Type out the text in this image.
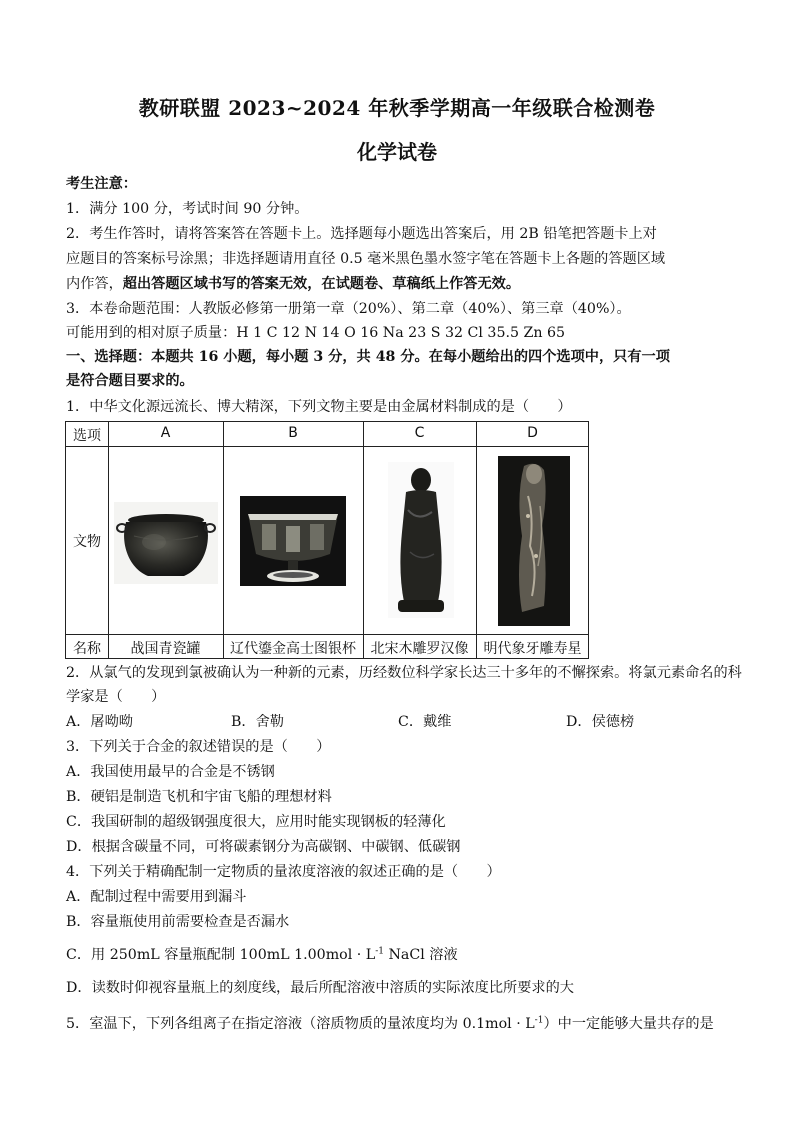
教研联盟 2023~2024 年秋季学期高一年级联合检测卷
化学试卷
考生注意：
1．满分 100 分，考试时间 90 分钟。
2．考生作答时，请将答案答在答题卡上。选择题每小题选出答案后，用 2B 铅笔把答题卡上对
应题目的答案标号涂黑；非选择题请用直径 0.5 毫米黑色墨水签字笔在答题卡上各题的答题区域
内作答，超出答题区域书写的答案无效，在试题卷、草稿纸上作答无效。
3．本卷命题范围：人教版必修第一册第一章（20%）、第二章（40%）、第三章（40%）。
可能用到的相对原子质量：H 1 C 12 N 14 O 16 Na 23 S 32 Cl 35.5 Zn 65
一、选择题：本题共 16 小题，每小题 3 分，共 48 分。在每小题给出的四个选项中，只有一项
是符合题目要求的。
1．中华文化源远流长、博大精深，下列文物主要是由金属材料制成的是（　　）
选项	A	B	C	D
文物
名称	战国青瓷罐	辽代鎏金高士图银杯	北宋木雕罗汉像	明代象牙雕寿星
2．从氯气的发现到氯被确认为一种新的元素，历经数位科学家长达三十多年的不懈探索。将氯元素命名的科
学家是（　　）
A．屠呦呦	B．舍勒	C．戴维	D．侯德榜
3．下列关于合金的叙述错误的是（　　）
A．我国使用最早的合金是不锈钢
B．硬铝是制造飞机和宇宙飞船的理想材料
C．我国研制的超级钢强度很大，应用时能实现钢板的轻薄化
D．根据含碳量不同，可将碳素钢分为高碳钢、中碳钢、低碳钢
4．下列关于精确配制一定物质的量浓度溶液的叙述正确的是（　　）
A．配制过程中需要用到漏斗
B．容量瓶使用前需要检查是否漏水
C．用 250mL 容量瓶配制 100mL $1.00mol \cdot L^{-1}$ NaCl 溶液
D．读数时仰视容量瓶上的刻度线，最后所配溶液中溶质的实际浓度比所要求的大
5．室温下，下列各组离子在指定溶液（溶质物质的量浓度均为 $0.1mol \cdot L^{-1}$）中一定能够大量共存的是
